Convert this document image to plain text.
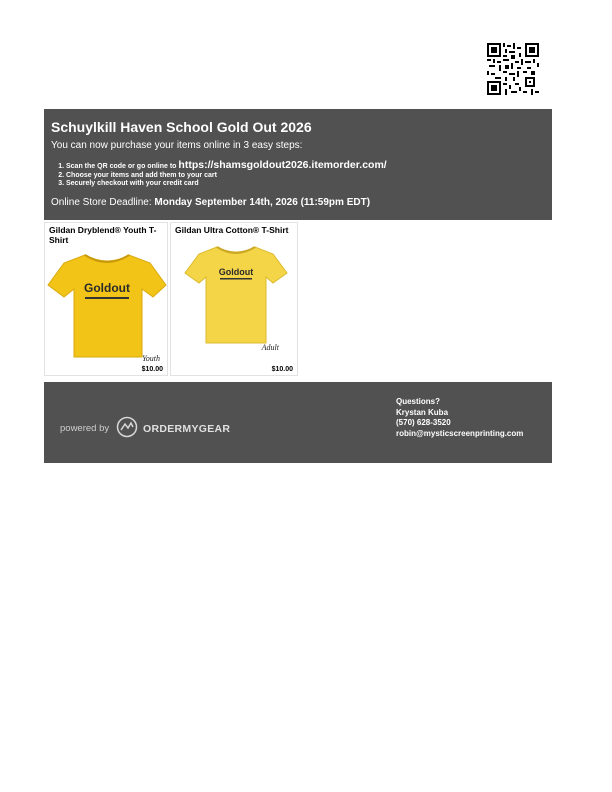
Schuylkill Haven School Gold Out 2026
You can now purchase your items online in 3 easy steps:
1. Scan the QR code or go online to https://shamsgoldout2026.itemorder.com/
2. Choose your items and add them to your cart
3. Securely checkout with your credit card
Online Store Deadline: Monday September 14th, 2026 (11:59pm EDT)
Gildan Dryblend® Youth T-Shirt
Goldout
Youth
$10.00
Gildan Ultra Cotton® T-Shirt
Goldout
Adult
$10.00
powered by	ORDERMYGEAR
Questions?
Krystan Kuba
(570) 628-3520
robin@mysticscreenprinting.com
